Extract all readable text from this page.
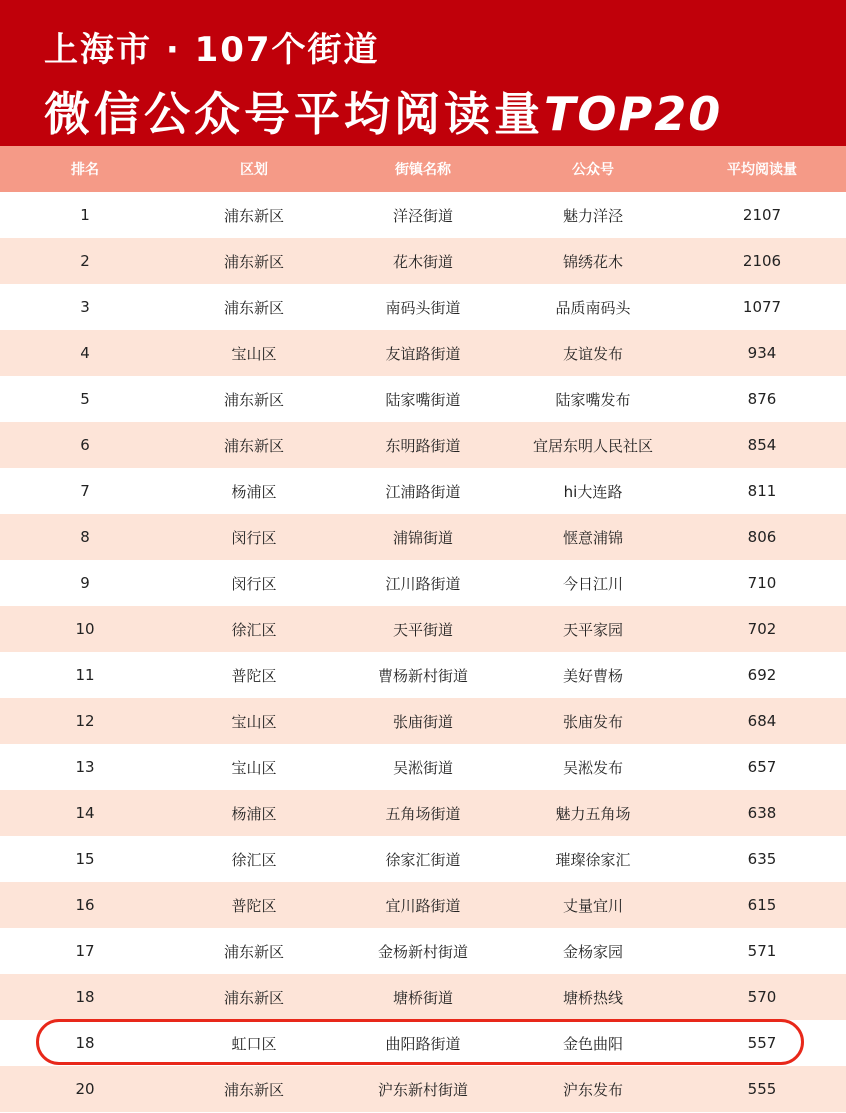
上海市 · 107个街道
微信公众号平均阅读量TOP20
排名	区划	街镇名称	公众号	平均阅读量
1	浦东新区	洋泾街道	魅力洋泾	2107
2	浦东新区	花木街道	锦绣花木	2106
3	浦东新区	南码头街道	品质南码头	1077
4	宝山区	友谊路街道	友谊发布	934
5	浦东新区	陆家嘴街道	陆家嘴发布	876
6	浦东新区	东明路街道	宜居东明人民社区	854
7	杨浦区	江浦路街道	hi大连路	811
8	闵行区	浦锦街道	惬意浦锦	806
9	闵行区	江川路街道	今日江川	710
10	徐汇区	天平街道	天平家园	702
11	普陀区	曹杨新村街道	美好曹杨	692
12	宝山区	张庙街道	张庙发布	684
13	宝山区	吴淞街道	吴淞发布	657
14	杨浦区	五角场街道	魅力五角场	638
15	徐汇区	徐家汇街道	璀璨徐家汇	635
16	普陀区	宜川路街道	丈量宜川	615
17	浦东新区	金杨新村街道	金杨家园	571
18	浦东新区	塘桥街道	塘桥热线	570
18	虹口区	曲阳路街道	金色曲阳	557
20	浦东新区	沪东新村街道	沪东发布	555
